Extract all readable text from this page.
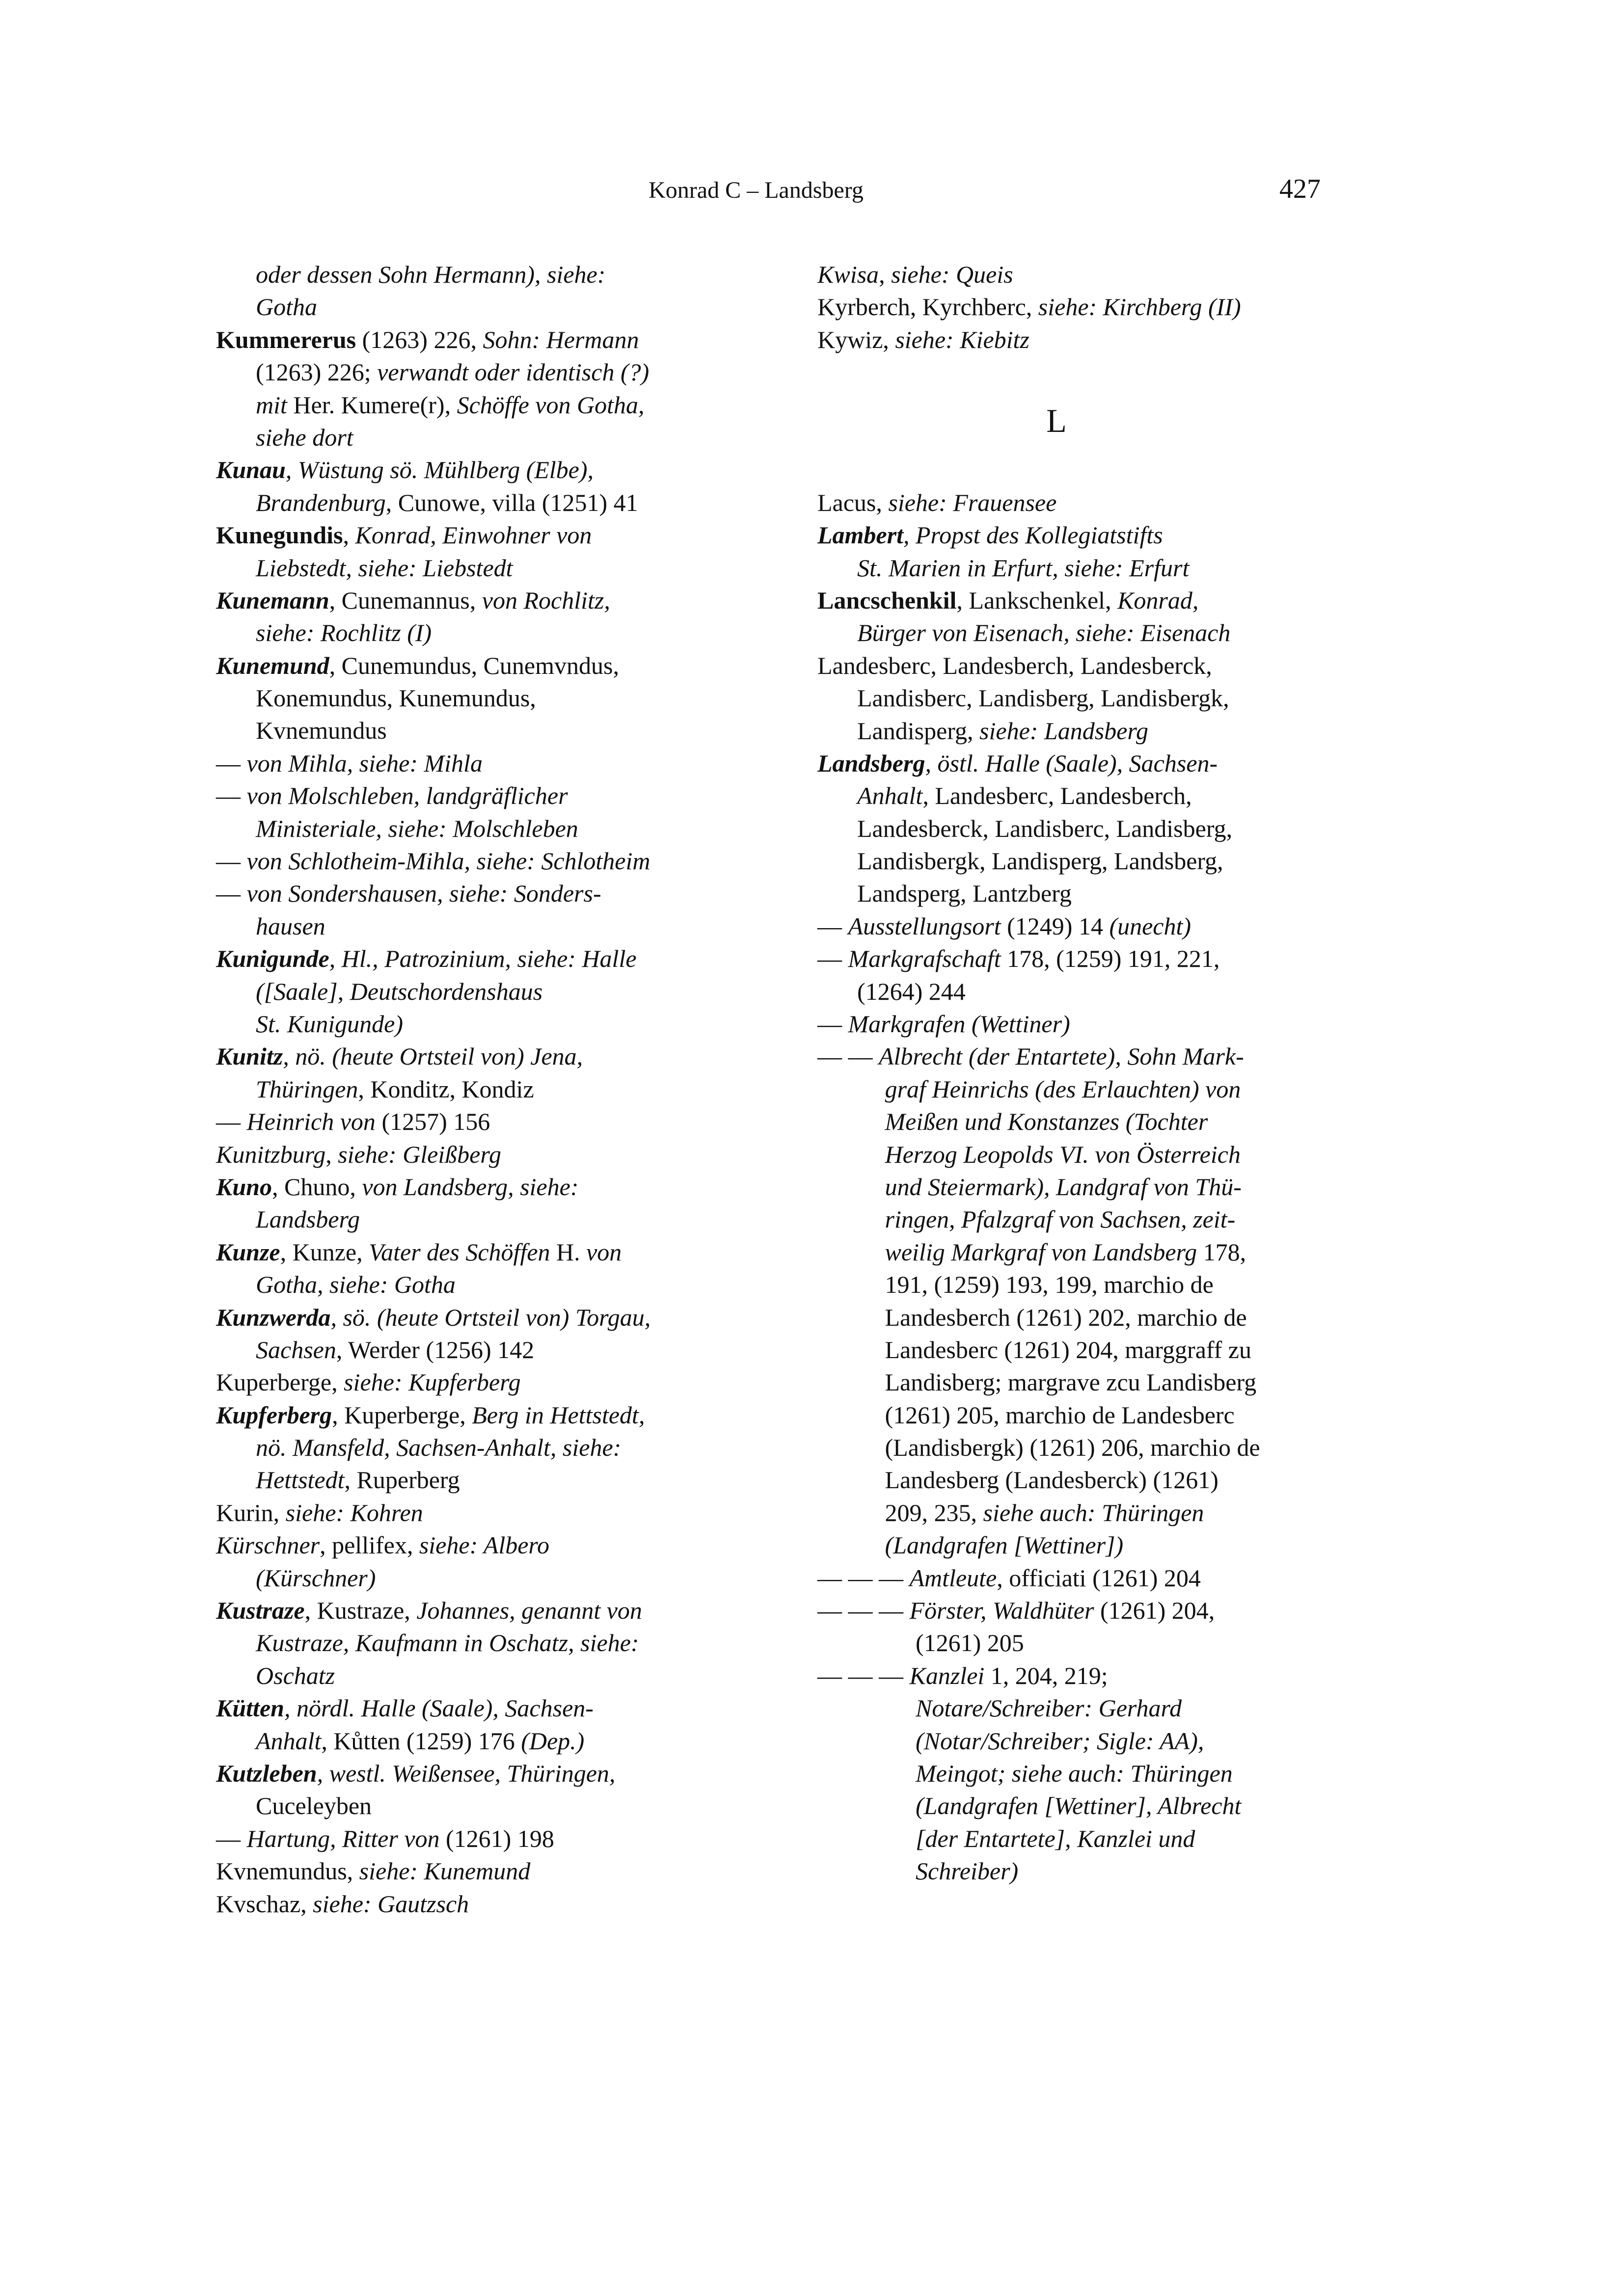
Konrad C – Landsberg	427
oder dessen Sohn Hermann), siehe:
Gotha
Kummererus (1263) 226, Sohn: Hermann
(1263) 226; verwandt oder identisch (?)
mit Her. Kumere(r), Schöffe von Gotha,
siehe dort
Kunau, Wüstung sö. Mühlberg (Elbe),
Brandenburg, Cunowe, villa (1251) 41
Kunegundis, Konrad, Einwohner von
Liebstedt, siehe: Liebstedt
Kunemann, Cunemannus, von Rochlitz,
siehe: Rochlitz (I)
Kunemund, Cunemundus, Cunemvndus,
Konemundus, Kunemundus,
Kvnemundus
— von Mihla, siehe: Mihla
— von Molschleben, landgräflicher
Ministeriale, siehe: Molschleben
— von Schlotheim-Mihla, siehe: Schlotheim
— von Sondershausen, siehe: Sonders-
hausen
Kunigunde, Hl., Patrozinium, siehe: Halle
([Saale], Deutschordenshaus
St. Kunigunde)
Kunitz, nö. (heute Ortsteil von) Jena,
Thüringen, Konditz, Kondiz
— Heinrich von (1257) 156
Kunitzburg, siehe: Gleißberg
Kuno, Chuno, von Landsberg, siehe:
Landsberg
Kunze, Kunze, Vater des Schöffen H. von
Gotha, siehe: Gotha
Kunzwerda, sö. (heute Ortsteil von) Torgau,
Sachsen, Werder (1256) 142
Kuperberge, siehe: Kupferberg
Kupferberg, Kuperberge, Berg in Hettstedt,
nö. Mansfeld, Sachsen-Anhalt, siehe:
Hettstedt, Ruperberg
Kurin, siehe: Kohren
Kürschner, pellifex, siehe: Albero
(Kürschner)
Kustraze, Kustraze, Johannes, genannt von
Kustraze, Kaufmann in Oschatz, siehe:
Oschatz
Kütten, nördl. Halle (Saale), Sachsen-
Anhalt, Kůtten (1259) 176 (Dep.)
Kutzleben, westl. Weißensee, Thüringen,
Cuceleyben
— Hartung, Ritter von (1261) 198
Kvnemundus, siehe: Kunemund
Kvschaz, siehe: Gautzsch
Kwisa, siehe: Queis
Kyrberch, Kyrchberc, siehe: Kirchberg (II)
Kywiz, siehe: Kiebitz
L
Lacus, siehe: Frauensee
Lambert, Propst des Kollegiatstifts
St. Marien in Erfurt, siehe: Erfurt
Lancschenkil, Lankschenkel, Konrad,
Bürger von Eisenach, siehe: Eisenach
Landesberc, Landesberch, Landesberck,
Landisberc, Landisberg, Landisbergk,
Landisperg, siehe: Landsberg
Landsberg, östl. Halle (Saale), Sachsen-
Anhalt, Landesberc, Landesberch,
Landesberck, Landisberc, Landisberg,
Landisbergk, Landisperg, Landsberg,
Landsperg, Lantzberg
— Ausstellungsort (1249) 14 (unecht)
— Markgrafschaft 178, (1259) 191, 221,
(1264) 244
— Markgrafen (Wettiner)
— — Albrecht (der Entartete), Sohn Mark-
graf Heinrichs (des Erlauchten) von
Meißen und Konstanzes (Tochter
Herzog Leopolds VI. von Österreich
und Steiermark), Landgraf von Thü-
ringen, Pfalzgraf von Sachsen, zeit-
weilig Markgraf von Landsberg 178,
191, (1259) 193, 199, marchio de
Landesberch (1261) 202, marchio de
Landesberc (1261) 204, marggraff zu
Landisberg; margrave zcu Landisberg
(1261) 205, marchio de Landesberc
(Landisbergk) (1261) 206, marchio de
Landesberg (Landesberck) (1261)
209, 235, siehe auch: Thüringen
(Landgrafen [Wettiner])
— — — Amtleute, officiati (1261) 204
— — — Förster, Waldhüter (1261) 204,
(1261) 205
— — — Kanzlei 1, 204, 219;
Notare/Schreiber: Gerhard
(Notar/Schreiber; Sigle: AA),
Meingot; siehe auch: Thüringen
(Landgrafen [Wettiner], Albrecht
[der Entartete], Kanzlei und
Schreiber)
